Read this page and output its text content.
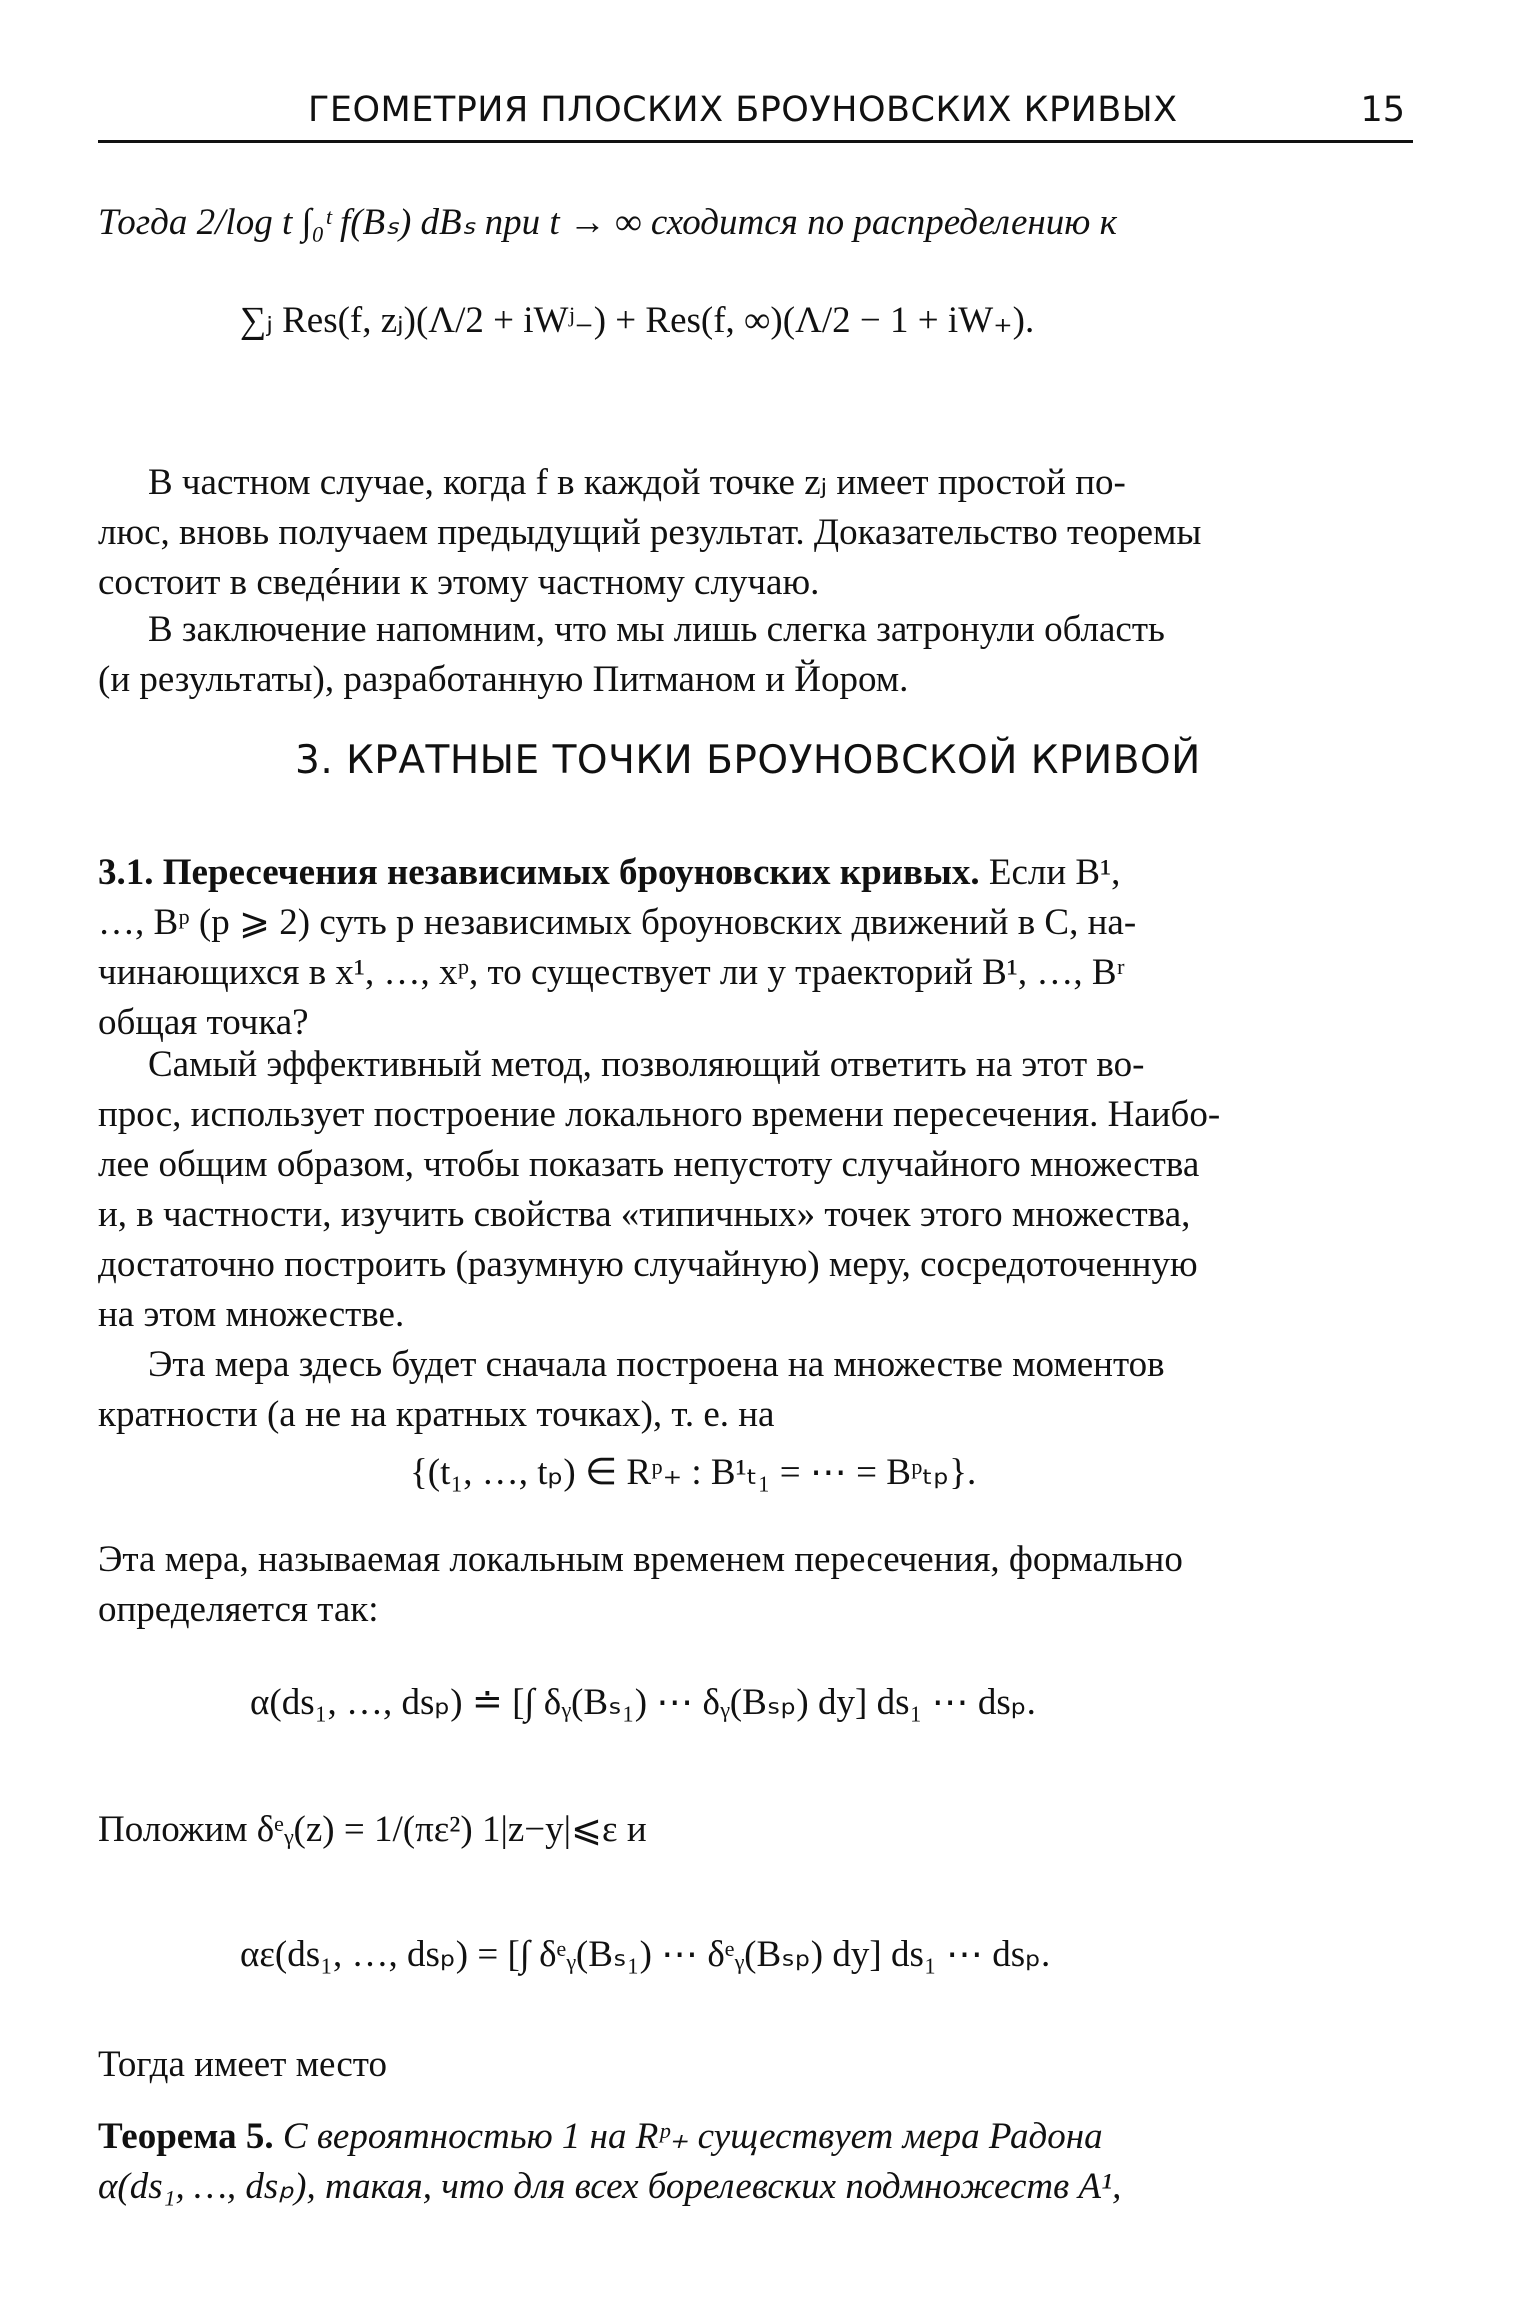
ГЕОМЕТРИЯ ПЛОСКИХ БРОУНОВСКИХ КРИВЫХ	15
Тогда 2/log t ∫₀ᵗ f(Bₛ) dBₛ при t → ∞ сходится по распределению к
∑ⱼ Res(f, zⱼ)(Λ/2 + iWʲ₋) + Res(f, ∞)(Λ/2 − 1 + iW₊).
В частном случае, когда f в каждой точке zⱼ имеет простой по-
люс, вновь получаем предыдущий результат. Доказательство теоремы
состоит в сведéнии к этому частному случаю.
В заключение напомним, что мы лишь слегка затронули область
(и результаты), разработанную Питманом и Йором.
3. КРАТНЫЕ ТОЧКИ БРОУНОВСКОЙ КРИВОЙ
3.1. Пересечения независимых броуновских кривых. Если B¹,
…, Bᵖ (p ⩾ 2) суть p независимых броуновских движений в C, на-
чинающихся в x¹, …, xᵖ, то существует ли у траекторий B¹, …, Bʳ
общая точка?
Самый эффективный метод, позволяющий ответить на этот во-
прос, использует построение локального времени пересечения. Наибо-
лее общим образом, чтобы показать непустоту случайного множества
и, в частности, изучить свойства «типичных» точек этого множества,
достаточно построить (разумную случайную) меру, сосредоточенную
на этом множестве.
Эта мера здесь будет сначала построена на множестве моментов
кратности (а не на кратных точках), т. е. на
{(t₁, …, tₚ) ∈ Rᵖ₊ : B¹ₜ₁ = ⋯ = Bᵖₜₚ}.
Эта мера, называемая локальным временем пересечения, формально
определяется так:
α(ds₁, …, dsₚ) ≐ [∫ δᵧ(Bₛ₁) ⋯ δᵧ(Bₛₚ) dy] ds₁ ⋯ dsₚ.
Положим δᵉᵧ(z) = 1/(πε²) 1|z−y|⩽ε и
αε(ds₁, …, dsₚ) = [∫ δᵉᵧ(Bₛ₁) ⋯ δᵉᵧ(Bₛₚ) dy] ds₁ ⋯ dsₚ.
Тогда имеет место
Теорема 5. С вероятностью 1 на Rᵖ₊ существует мера Радона
α(ds₁, …, dsₚ), такая, что для всех борелевских подмножеств A¹,
